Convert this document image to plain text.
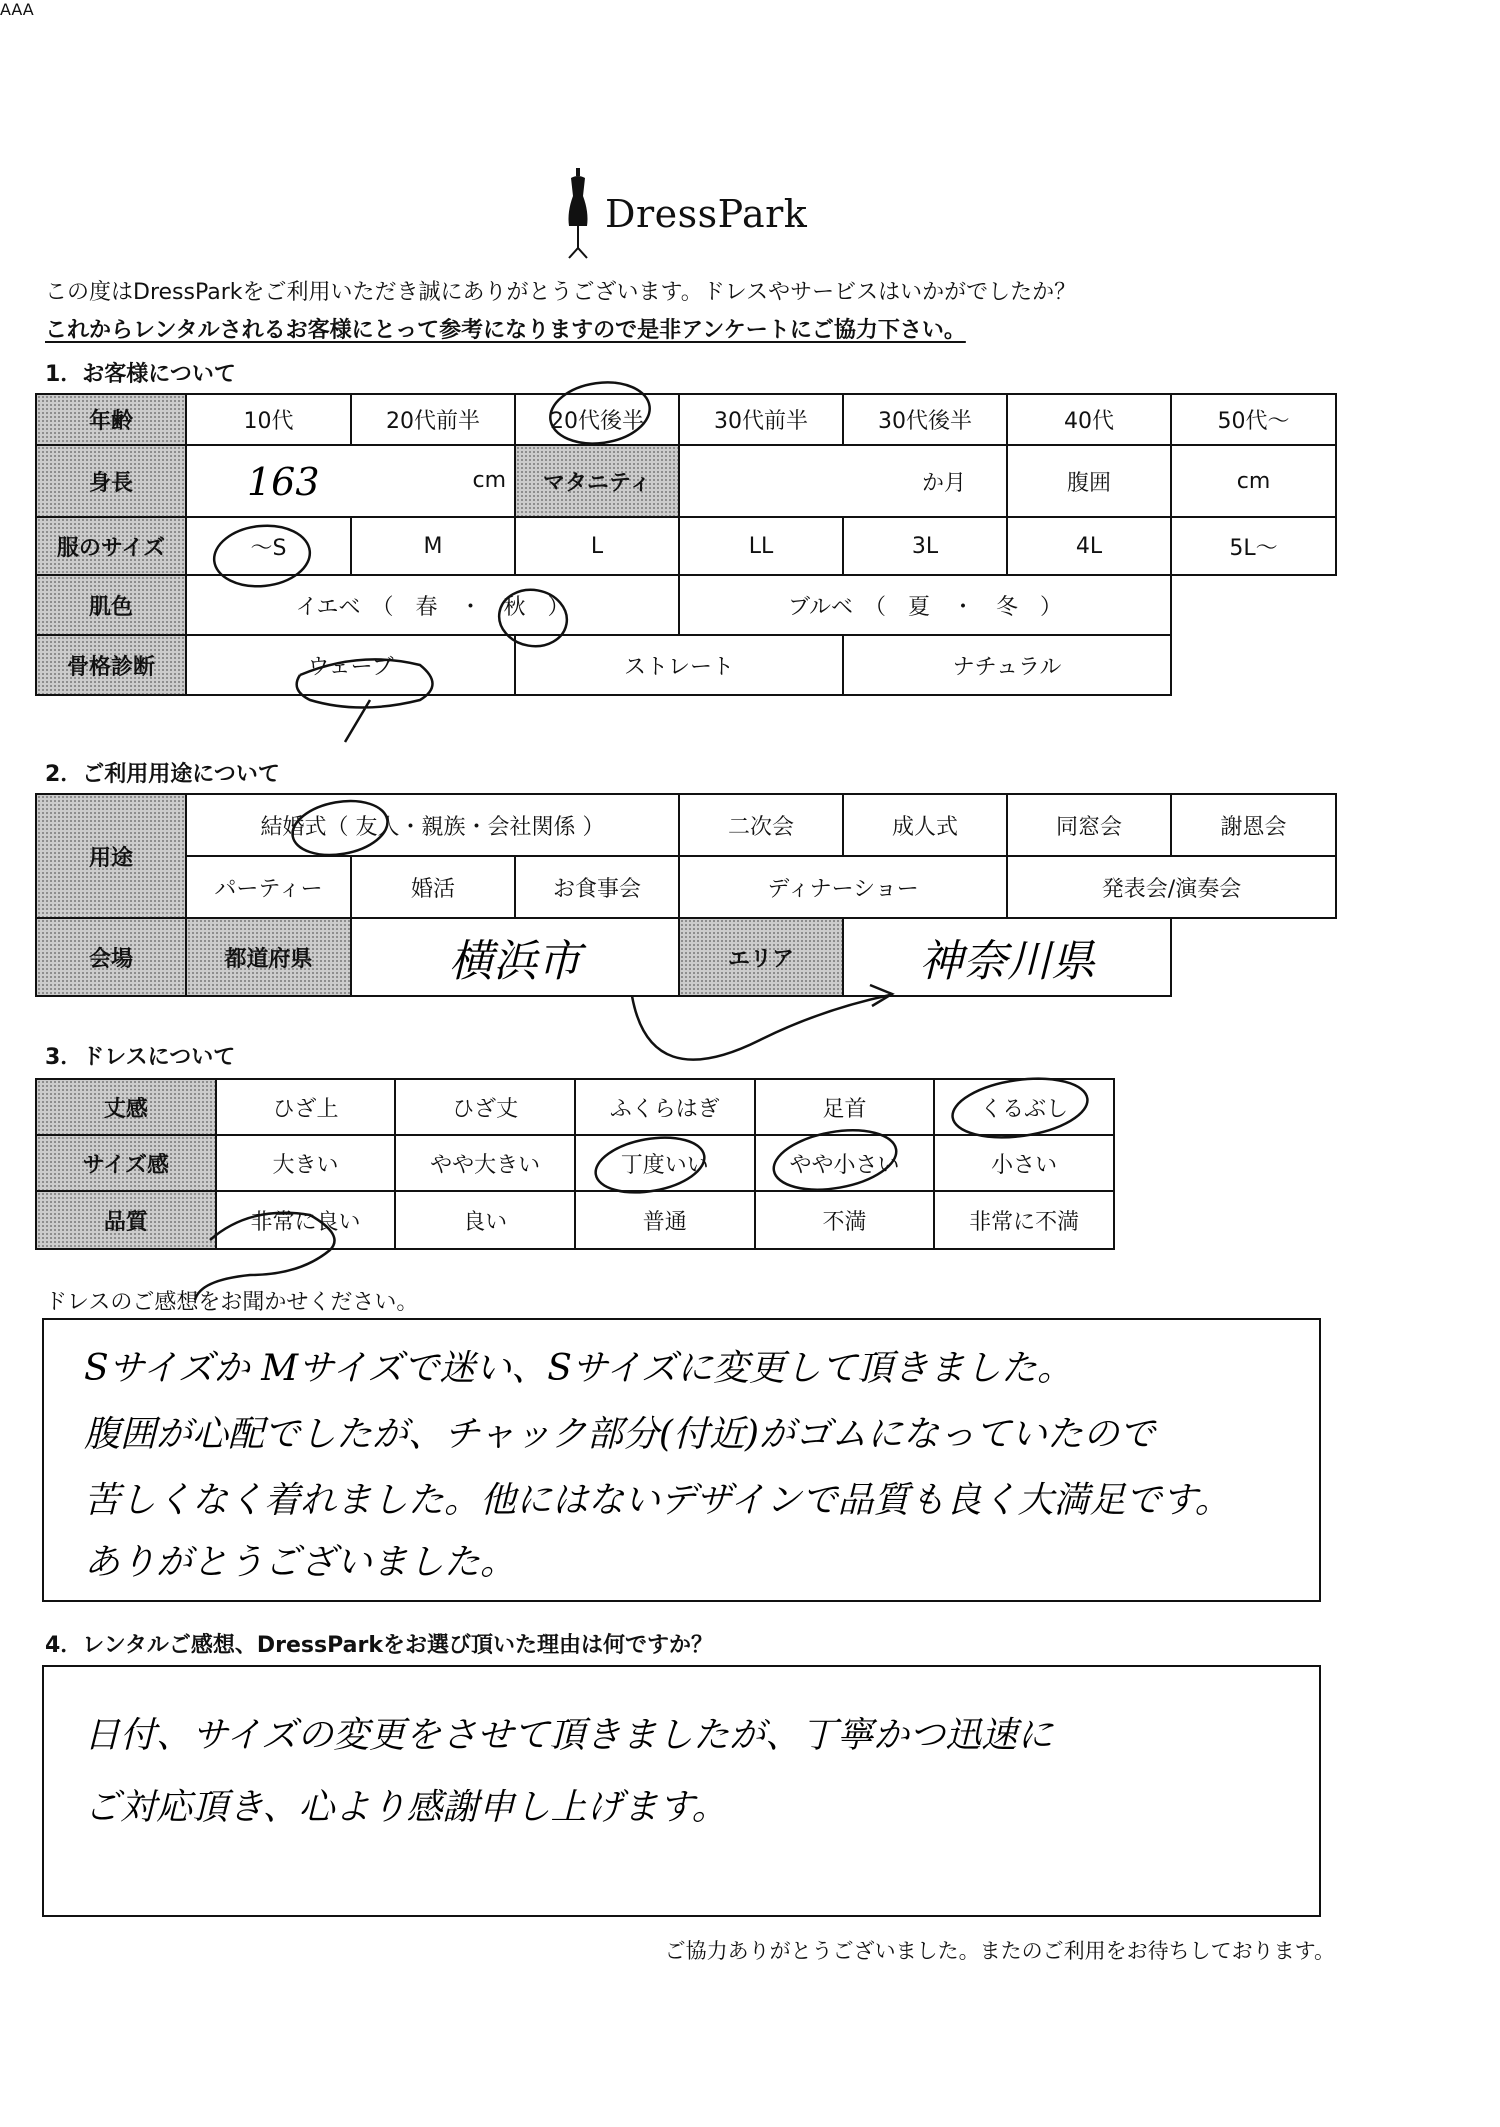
DressPark
この度はDressParkをご利用いただき誠にありがとうございます。ドレスやサービスはいかがでしたか？
これからレンタルされるお客様にとって参考になりますので是非アンケートにご協力下さい。
1．お客様について
年齢	10代	20代前半	20代後半	30代前半	30代後半	40代	50代～
身長	163 cm		マタニティ	か月		腹囲	cm
服のサイズ	～S	M	L	LL	3L	4L	5L～
肌色	イエベ　（　春　・　秋　）			ブルベ　（　夏　・　冬　）			
骨格診断	ウェーブ		ストレート		ナチュラル		
2．ご利用用途について
用途	結婚式（ 友人・親族・会社関係 ）			二次会	成人式	同窓会	謝恩会
	パーティー	婚活	お食事会	ディナーショー		発表会/演奏会	
会場	都道府県	横浜市		エリア	神奈川県		
3．ドレスについて
AAA
丈感	ひざ上	ひざ丈	ふくらはぎ	足首	くるぶし
サイズ感	大きい	やや大きい	丁度いい	やや小さい	小さい
品質	非常に良い	良い	普通	不満	非常に不満
ドレスのご感想をお聞かせください。
Sサイズか Mサイズで迷い、Sサイズに変更して頂きました。
腹囲が心配でしたが、チャック部分(付近)がゴムになっていたので
苦しくなく着れました。他にはないデザインで品質も良く大満足です。
ありがとうございました。
4．レンタルご感想、DressParkをお選び頂いた理由は何ですか？
日付、サイズの変更をさせて頂きましたが、丁寧かつ迅速に
ご対応頂き、心より感謝申し上げます。
ご協力ありがとうございました。またのご利用をお待ちしております。
